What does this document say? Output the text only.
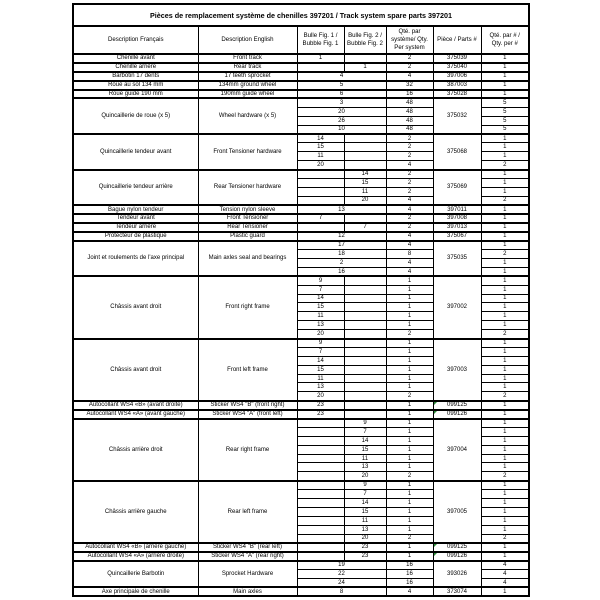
Pièces de remplacement système de chenilles 397201 / Track system spare parts 397201						
Description Français	Description English	Bulle Fig. 1 / Bubble Fig. 1	Bulle Fig. 2 / Bubble Fig. 2	Qté. par système/ Qty. Per system	Pièce / Parts #	Qté. par # / Qty. per #
Chenille avant	Front track	1		2	375039	1
Chenille arrière	Rear track		1	2	375040	1
Barbotin 17 dents	17 teeth sprocket	4		4	397006	1
Roue au sol 134 mm	134mm ground wheel	5		32	387003	1
Roue guide 190 mm	190mm guide wheel	6		16	375028	1
Quincaillerie de roue (x 5)	Wheel hardware (x 5)	3		48	375032	5
		20		48		5
		26		48		5
		10		48		5
Quincaillerie tendeur avant	Front Tensioner hardware	14		2	375068	1
		15		2		1
		11		2		1
		20		4		2
Quincaillerie tendeur arrière	Rear Tensioner hardware		14	2	375069	1
			15	2		1
			11	2		1
			20	4		2
Bague nylon tendeur	Tension nylon sleeve	13		4	397011	1
Tendeur avant	Front Tensioner	7		2	397008	1
Tendeur arrière	Rear Tensioner		7	2	397013	1
Protecteur de plastique	Plastic guard	12		4	375067	1
Joint et roulements de l'axe principal	Main axles seal and bearings	17		4	375035	1
		18		8		2
		2		4		1
		16		4		1
Châssis avant droit	Front right frame	9		1	397002	1
		7		1		1
		14		1		1
		15		1		1
		11		1		1
		13		1		1
		20		2		2
Châssis avant droit	Front left frame	9		1	397003	1
		7		1		1
		14		1		1
		15		1		1
		11		1		1
		13		1		1
		20		2		2
Autocollant WS4 «B» (avant droite)	Sticker WS4 "B" (front right)	23		1	099125	1
Autocollant WS4 «A» (avant gauche)	Sticker WS4 "A" (front left)	23		1	099126	1
Châssis arrière droit	Rear right frame		9	1	397004	1
			7	1		1
			14	1		1
			15	1		1
			11	1		1
			13	1		1
			20	2		2
Châssis arrière gauche	Rear left frame		9	1	397005	1
			7	1		1
			14	1		1
			15	1		1
			11	1		1
			13	1		1
			20	2		2
Autocollant WS4 «B» (arrière gauche)	Sticker WS4 "B" (rear left)		23	1	099125	1
Autocollant WS4 «A» (arrière droite)	Sticker WS4 "A" (rear right)		23	1	099126	1
Quincaillerie Barbotin	Sprocket Hardware	19		16	393026	4
		22		16		4
		24		16		4
Axe principale de chenille	Main axles	8		4	373074	1
